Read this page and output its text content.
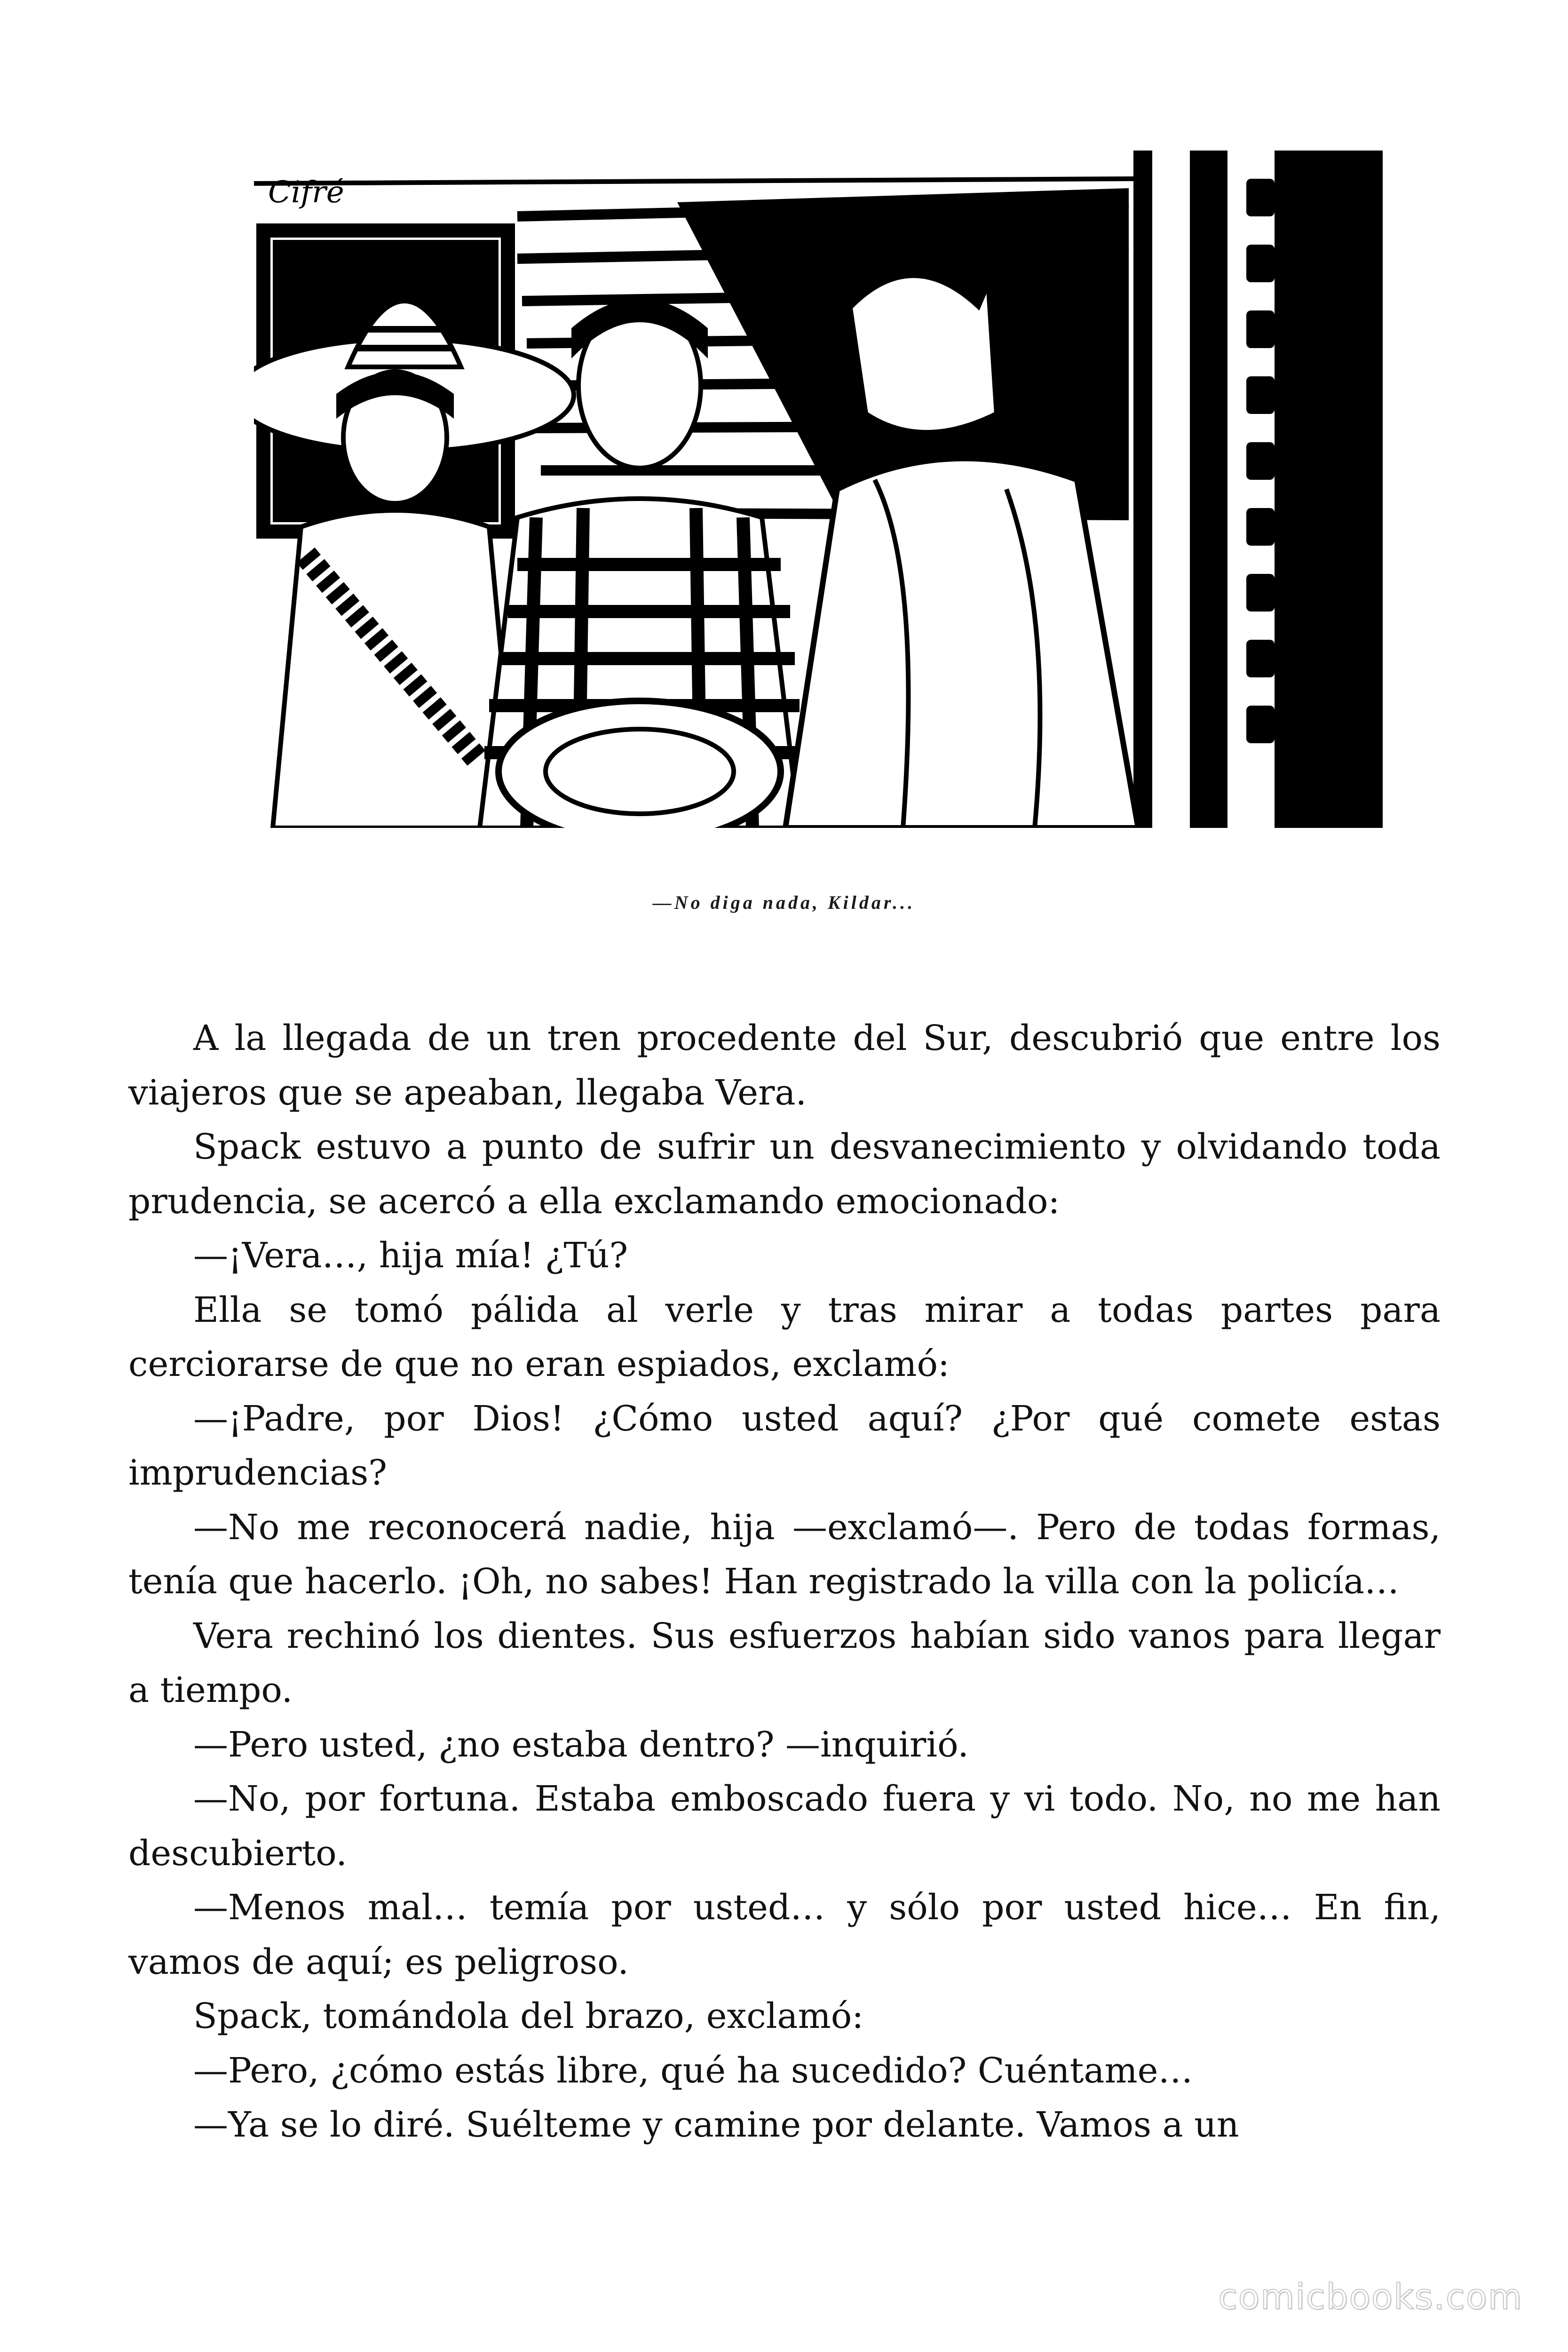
Cifré
—No diga nada, Kildar...

A la llegada de un tren procedente del Sur, descubrió que entre los viajeros que se apeaban, llegaba Vera.

Spack estuvo a punto de sufrir un desvanecimiento y olvidando toda prudencia, se acercó a ella exclamando emocionado:

—¡Vera…, hija mía! ¿Tú?

Ella se tomó pálida al verle y tras mirar a todas partes para cerciorarse de que no eran espiados, exclamó:

—¡Padre, por Dios! ¿Cómo usted aquí? ¿Por qué comete estas imprudencias?

—No me reconocerá nadie, hija —exclamó—. Pero de todas formas, tenía que hacerlo. ¡Oh, no sabes! Han registrado la villa con la policía…

Vera rechinó los dientes. Sus esfuerzos habían sido vanos para llegar a tiempo.

—Pero usted, ¿no estaba dentro? —inquirió.

—No, por fortuna. Estaba emboscado fuera y vi todo. No, no me han descubierto.

—Menos mal… temía por usted… y sólo por usted hice… En fin, vamos de aquí; es peligroso.

Spack, tomándola del brazo, exclamó:

—Pero, ¿cómo estás libre, qué ha sucedido? Cuéntame…

—Ya se lo diré. Suélteme y camine por delante. Vamos a un

comicbooks.com
